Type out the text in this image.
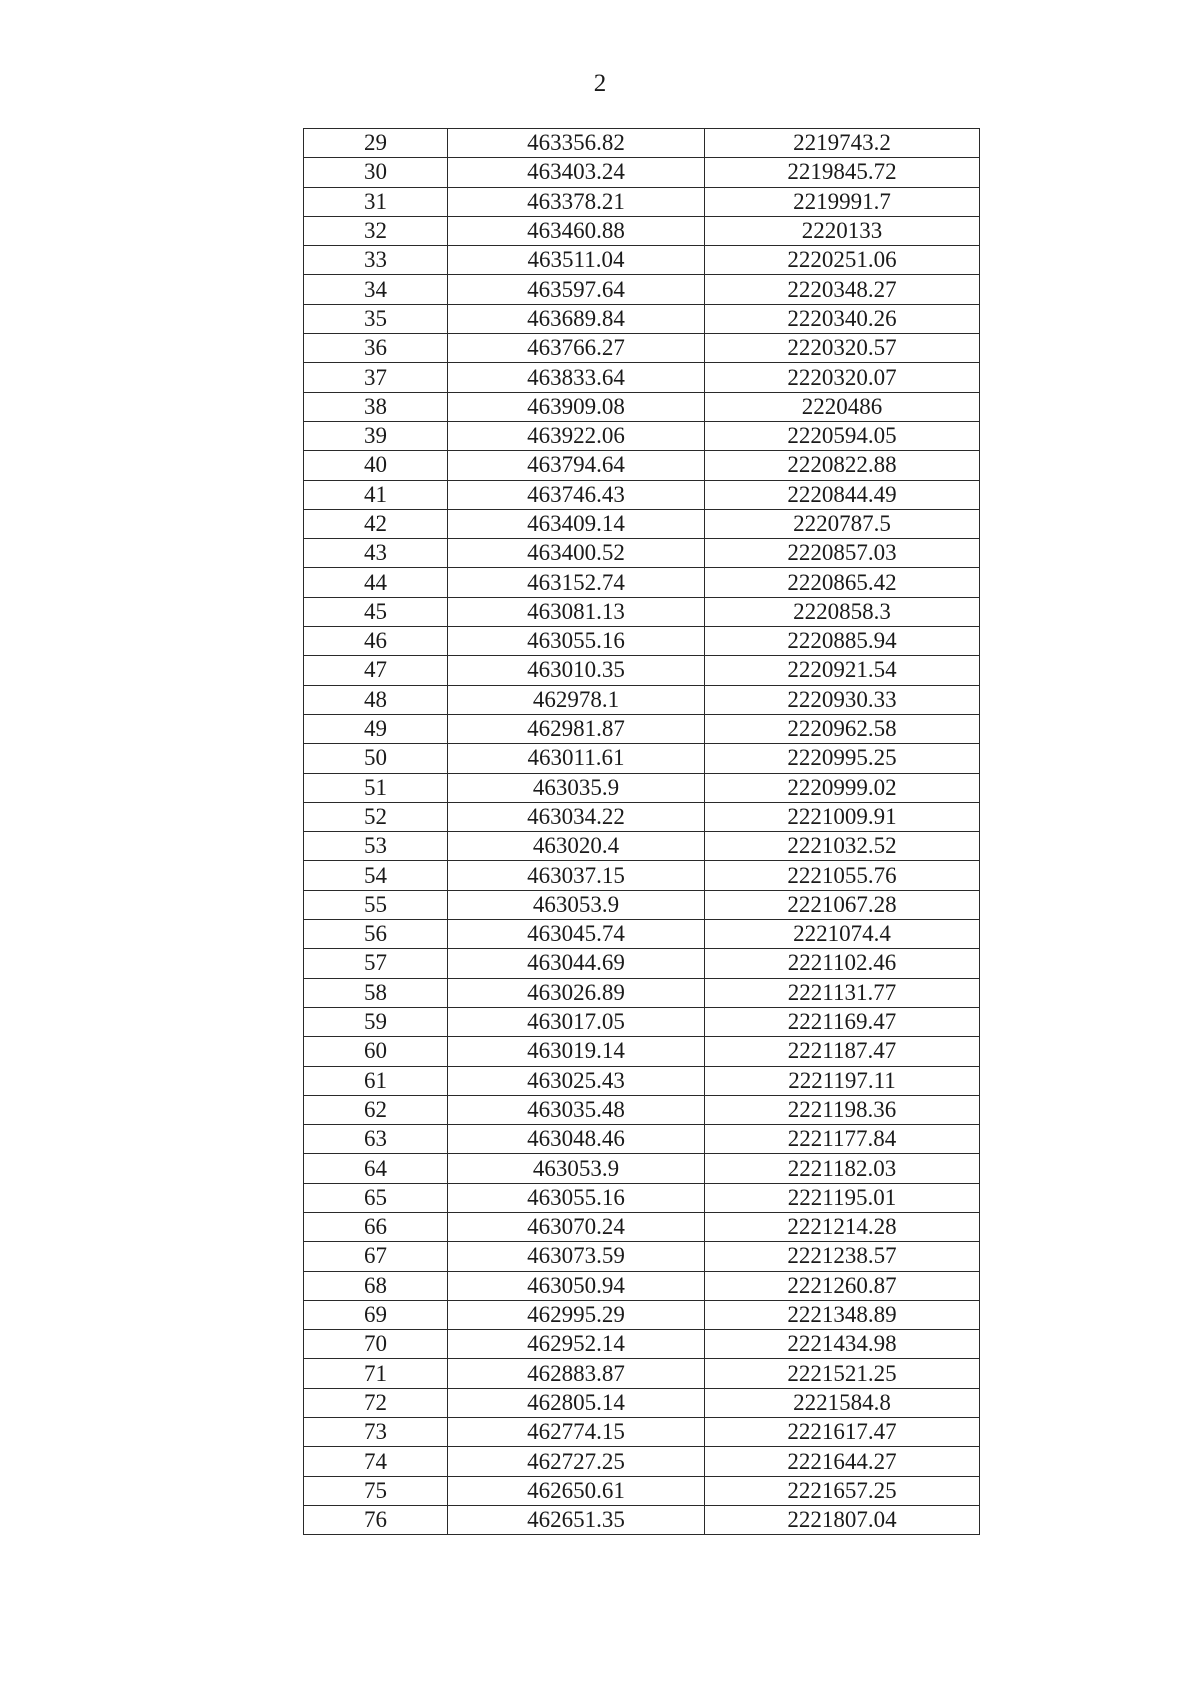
2
29	463356.82	2219743.2
30	463403.24	2219845.72
31	463378.21	2219991.7
32	463460.88	2220133
33	463511.04	2220251.06
34	463597.64	2220348.27
35	463689.84	2220340.26
36	463766.27	2220320.57
37	463833.64	2220320.07
38	463909.08	2220486
39	463922.06	2220594.05
40	463794.64	2220822.88
41	463746.43	2220844.49
42	463409.14	2220787.5
43	463400.52	2220857.03
44	463152.74	2220865.42
45	463081.13	2220858.3
46	463055.16	2220885.94
47	463010.35	2220921.54
48	462978.1	2220930.33
49	462981.87	2220962.58
50	463011.61	2220995.25
51	463035.9	2220999.02
52	463034.22	2221009.91
53	463020.4	2221032.52
54	463037.15	2221055.76
55	463053.9	2221067.28
56	463045.74	2221074.4
57	463044.69	2221102.46
58	463026.89	2221131.77
59	463017.05	2221169.47
60	463019.14	2221187.47
61	463025.43	2221197.11
62	463035.48	2221198.36
63	463048.46	2221177.84
64	463053.9	2221182.03
65	463055.16	2221195.01
66	463070.24	2221214.28
67	463073.59	2221238.57
68	463050.94	2221260.87
69	462995.29	2221348.89
70	462952.14	2221434.98
71	462883.87	2221521.25
72	462805.14	2221584.8
73	462774.15	2221617.47
74	462727.25	2221644.27
75	462650.61	2221657.25
76	462651.35	2221807.04
